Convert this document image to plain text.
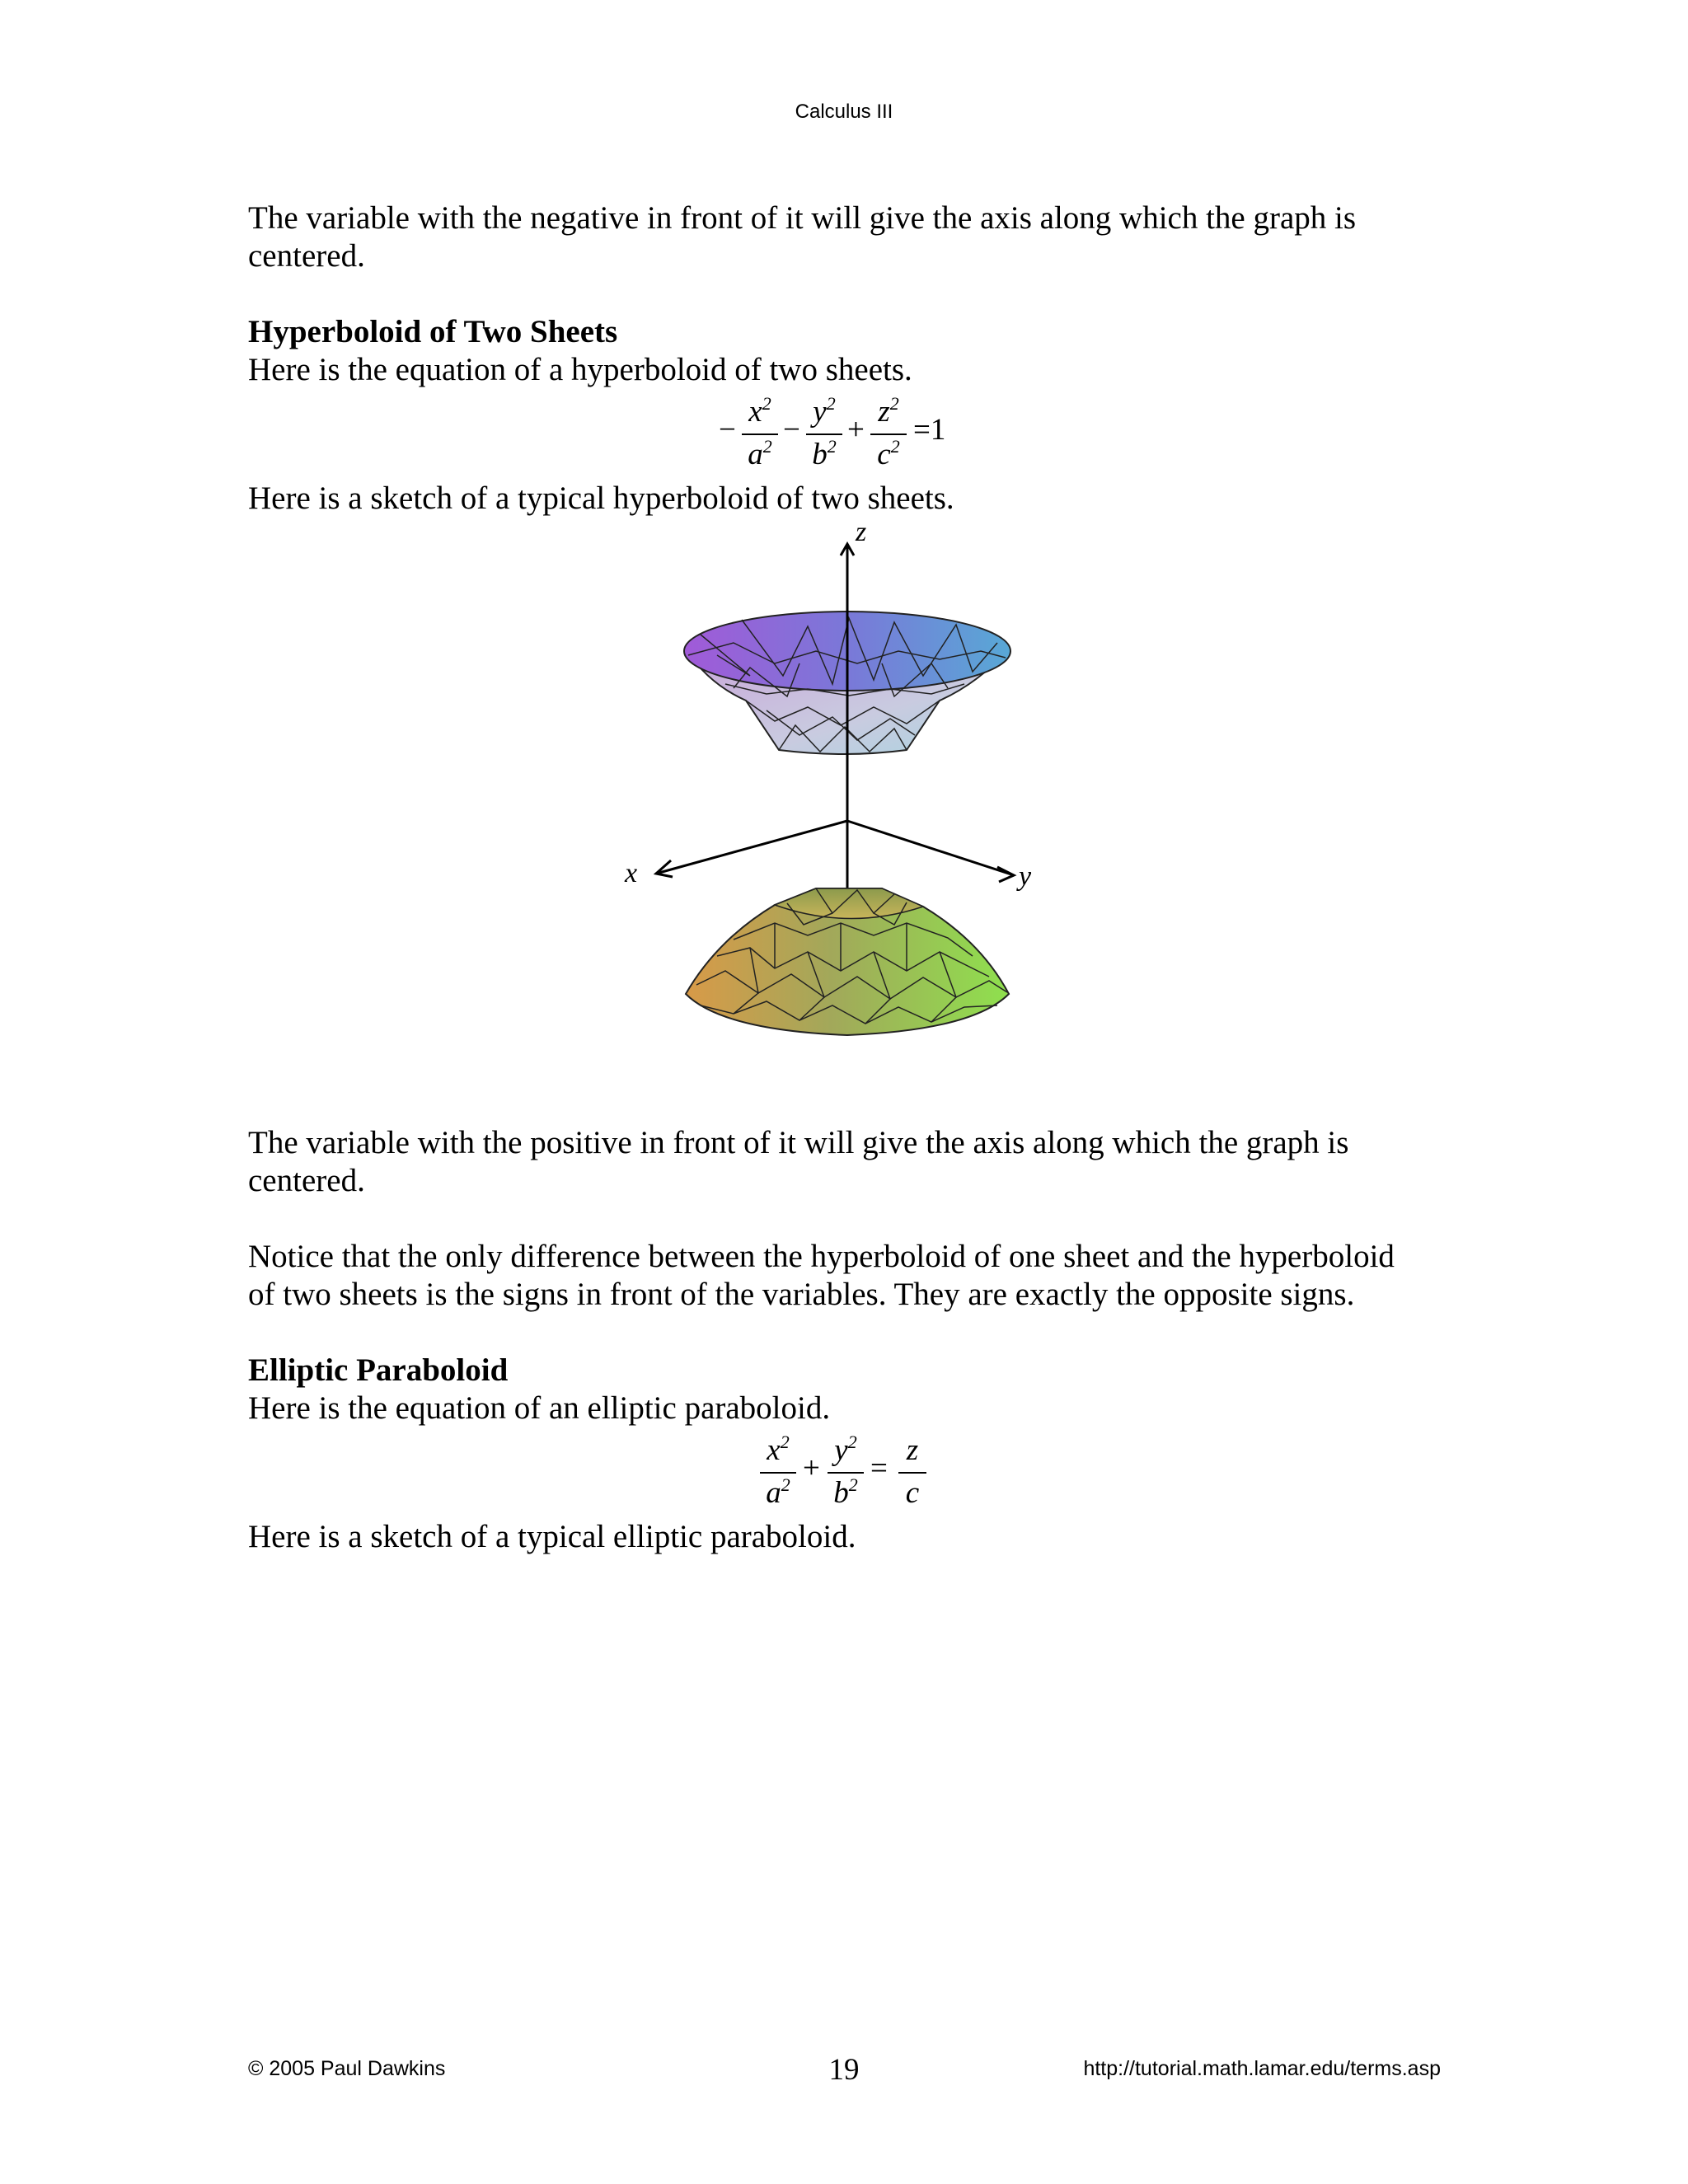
Calculus III
The variable with the negative in front of it will give the axis along which the graph is
centered.
Hyperboloid of Two Sheets
Here is the equation of a hyperboloid of two sheets.
−
$x^2$
$a^2$ −
$y^2$
$b^2$ +
$z^2$
$c^2 =1$
Here is a sketch of a typical hyperboloid of two sheets.
z
x	y
The variable with the positive in front of it will give the axis along which the graph is
centered.
Notice that the only difference between the hyperboloid of one sheet and the hyperboloid
of two sheets is the signs in front of the variables. They are exactly the opposite signs.
Elliptic Paraboloid
Here is the equation of an elliptic paraboloid.
$x^2$
$a^2$ +
$y^2$
$b^2$ =
z
c
Here is a sketch of a typical elliptic paraboloid.
© 2005 Paul Dawkins	19	http://tutorial.math.lamar.edu/terms.asp
